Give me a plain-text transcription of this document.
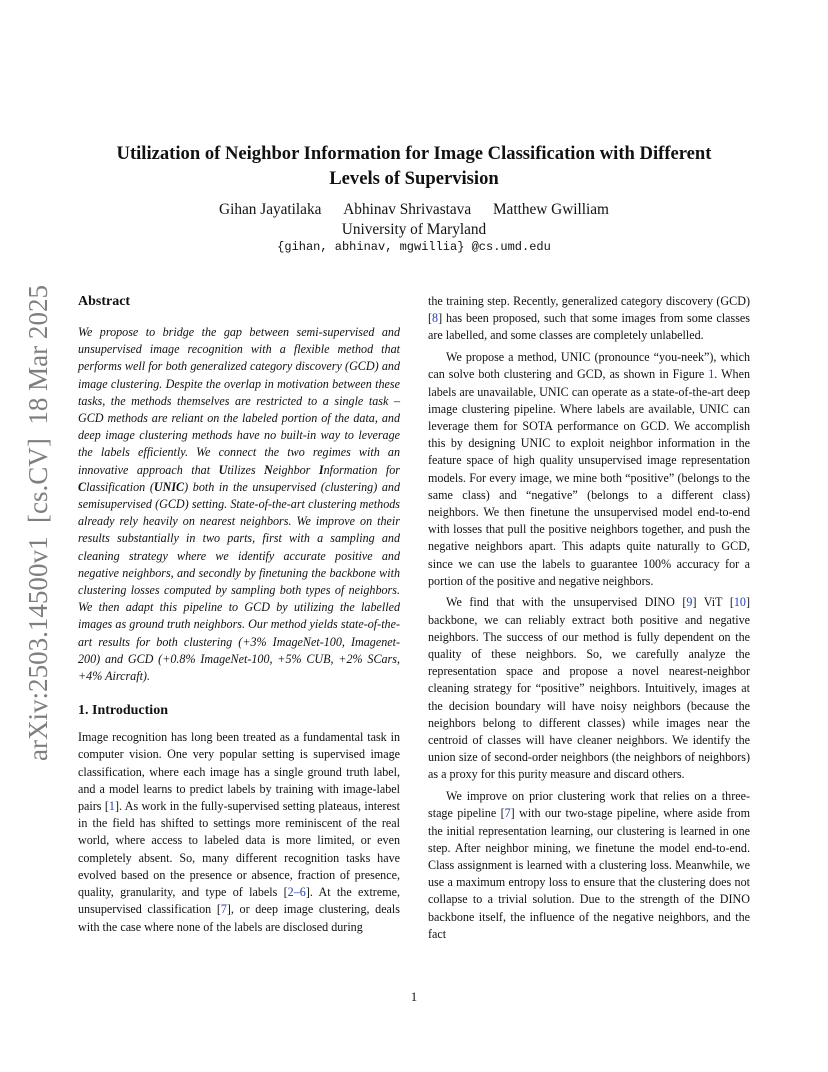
Utilization of Neighbor Information for Image Classification with Different
Levels of Supervision
Gihan Jayatilaka Abhinav Shrivastava Matthew Gwilliam
University of Maryland
{gihan, abhinav, mgwillia} @cs.umd.edu
arXiv:2503.14500v1  [cs.CV]  18 Mar 2025 Abstract

We propose to bridge the gap between semi-supervised and unsupervised image recognition with a flexible method that performs well for both generalized category discovery (GCD) and image clustering. Despite the overlap in motivation between these tasks, the methods themselves are restricted to a single task – GCD methods are reliant on the labeled portion of the data, and deep image clustering methods have no built-in way to leverage the labels efficiently. We connect the two regimes with an innovative approach that Utilizes Neighbor Information for Classification (UNIC) both in the unsupervised (clustering) and semisupervised (GCD) setting. State-of-the-art clustering methods already rely heavily on nearest neighbors. We improve on their results substantially in two parts, first with a sampling and cleaning strategy where we identify accurate positive and negative neighbors, and secondly by finetuning the backbone with clustering losses computed by sampling both types of neighbors. We then adapt this pipeline to GCD by utilizing the labelled images as ground truth neighbors. Our method yields state-of-the-art results for both clustering (+3% ImageNet-100, Imagenet-200) and GCD (+0.8% ImageNet-100, +5% CUB, +2% SCars, +4% Aircraft).

1. Introduction

Image recognition has long been treated as a fundamental task in computer vision. One very popular setting is supervised image classification, where each image has a single ground truth label, and a model learns to predict labels by training with image-label pairs [1]. As work in the fully-supervised setting plateaus, interest in the field has shifted to settings more reminiscent of the real world, where access to labeled data is more limited, or even completely absent. So, many different recognition tasks have evolved based on the presence or absence, fraction of presence, quality, granularity, and type of labels [2–6]. At the extreme, unsupervised classification [7], or deep image clustering, deals with the case where none of the labels are disclosed during

the training step. Recently, generalized category discovery (GCD) [8] has been proposed, such that some images from some classes are labelled, and some classes are completely unlabelled.

We propose a method, UNIC (pronounce “you-neek”), which can solve both clustering and GCD, as shown in Figure 1. When labels are unavailable, UNIC can operate as a state-of-the-art deep image clustering pipeline. Where labels are available, UNIC can leverage them for SOTA performance on GCD. We accomplish this by designing UNIC to exploit neighbor information in the feature space of high quality unsupervised image representation models. For every image, we mine both “positive” (belongs to the same class) and “negative” (belongs to a different class) neighbors. We then finetune the unsupervised model end-to-end with losses that pull the positive neighbors together, and push the negative neighbors apart. This adapts quite naturally to GCD, since we can use the labels to guarantee 100% accuracy for a portion of the positive and negative neighbors.

We find that with the unsupervised DINO [9] ViT [10] backbone, we can reliably extract both positive and negative neighbors. The success of our method is fully dependent on the quality of these neighbors. So, we carefully analyze the representation space and propose a novel nearest-neighbor cleaning strategy for “positive” neighbors. Intuitively, images at the decision boundary will have noisy neighbors (because the neighbors belong to different classes) while images near the centroid of classes will have cleaner neighbors. We identify the union size of second-order neighbors (the neighbors of neighbors) as a proxy for this purity measure and discard others.

We improve on prior clustering work that relies on a three-stage pipeline [7] with our two-stage pipeline, where aside from the initial representation learning, our clustering is learned in one step. After neighbor mining, we finetune the model end-to-end. Class assignment is learned with a clustering loss. Meanwhile, we use a maximum entropy loss to ensure that the clustering does not collapse to a trivial solution. Due to the strength of the DINO backbone itself, the influence of the negative neighbors, and the fact

1
